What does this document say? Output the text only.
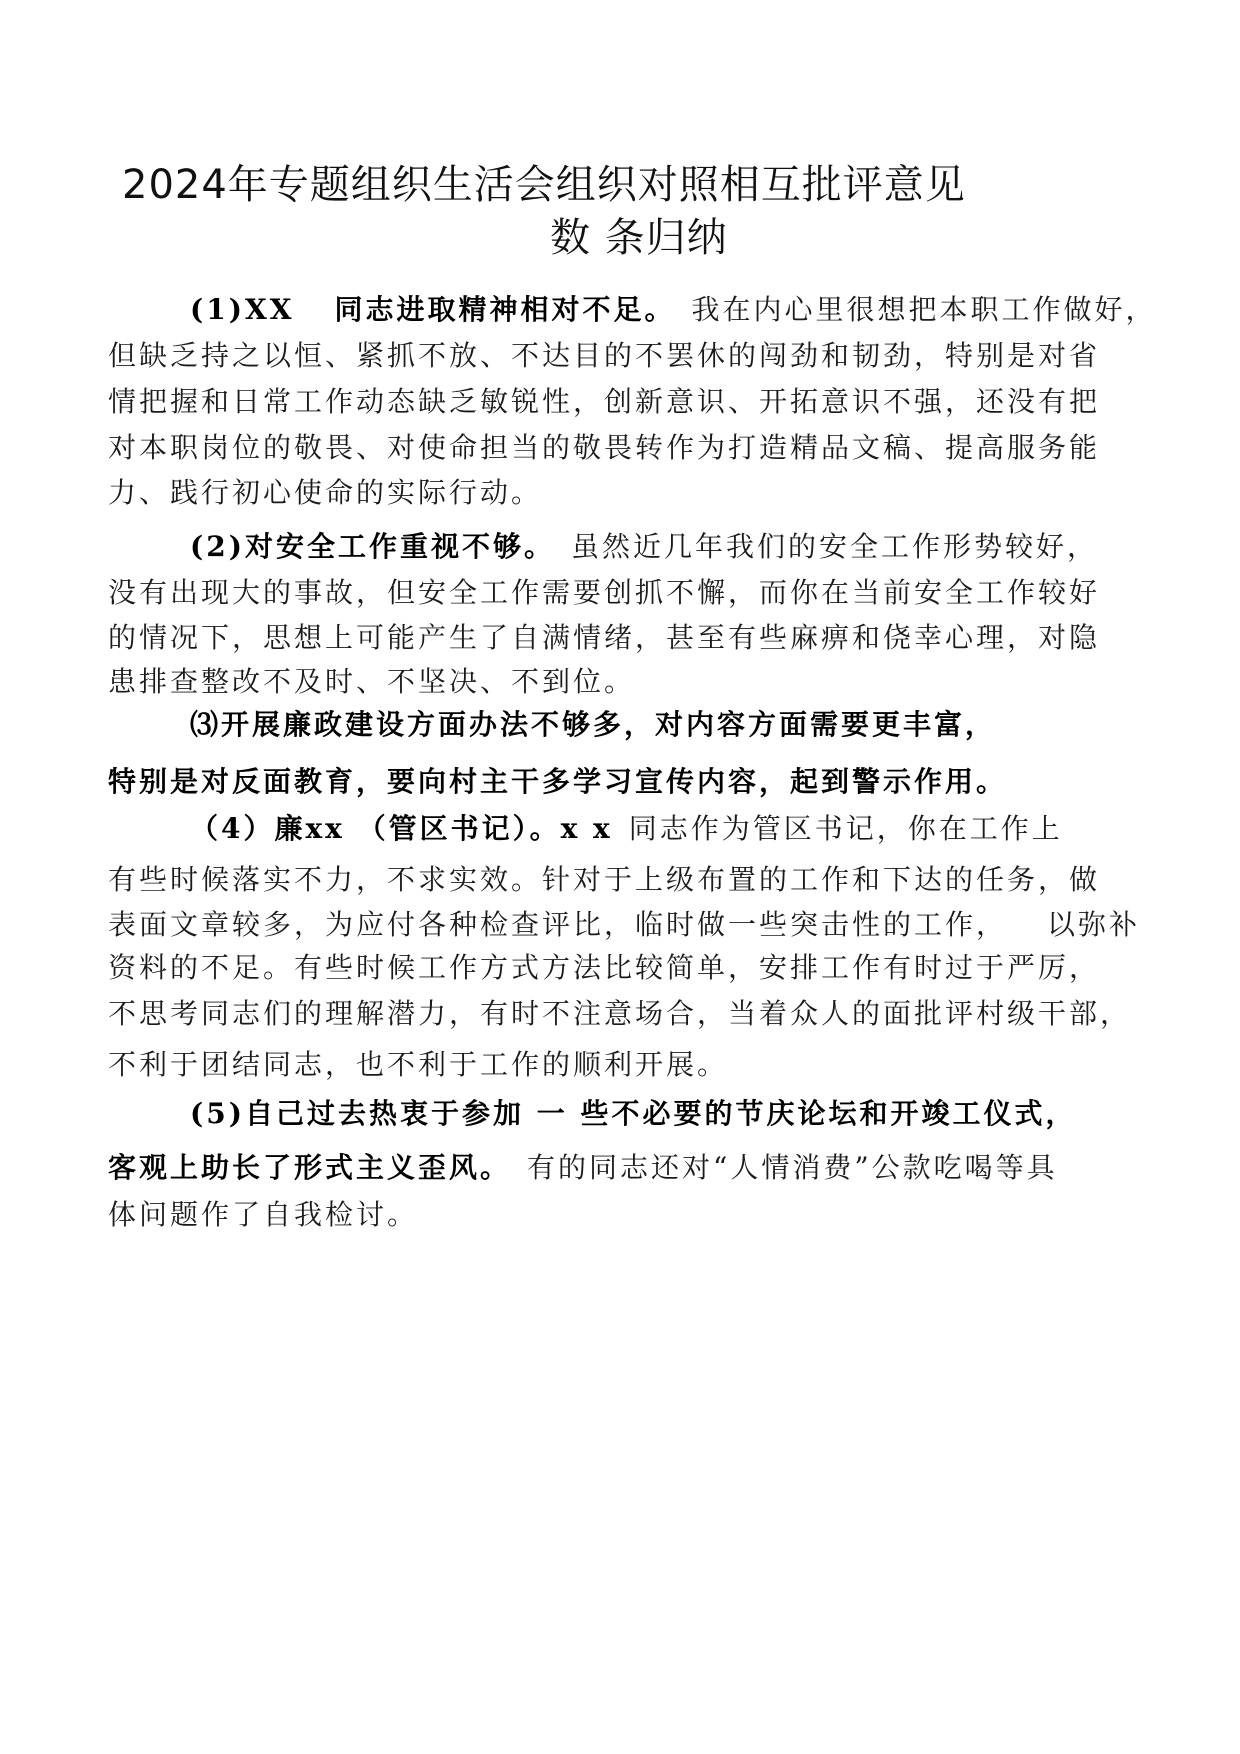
2024年专题组织生活会组织对照相互批评意见
数 条归纳
(1)XX 同志进取精神相对不足。 我在内心里很想把本职工作做好，
但缺乏持之以恒、紧抓不放、不达目的不罢休的闯劲和韧劲，特别是对省
情把握和日常工作动态缺乏敏锐性，创新意识、开拓意识不强，还没有把
对本职岗位的敬畏、对使命担当的敬畏转作为打造精品文稿、提高服务能
力、践行初心使命的实际行动。
(2)对安全工作重视不够。 虽然近几年我们的安全工作形势较好，
没有出现大的事故，但安全工作需要创抓不懈，而你在当前安全工作较好
的情况下，思想上可能产生了自满情绪，甚至有些麻痹和侥幸心理，对隐
患排查整改不及时、不坚决、不到位。
⑶开展廉政建设方面办法不够多，对内容方面需要更丰富，
特别是对反面教育，要向村主干多学习宣传内容，起到警示作用。
（4）廉xx （管区书记）。x x 同志作为管区书记，你在工作上
有些时候落实不力，不求实效。针对于上级布置的工作和下达的任务，做
表面文章较多，为应付各种检查评比，临时做一些突击性的工作， 以弥补
资料的不足。有些时候工作方式方法比较简单，安排工作有时过于严厉，
不思考同志们的理解潜力，有时不注意场合，当着众人的面批评村级干部，
不利于团结同志，也不利于工作的顺利开展。
(5)自己过去热衷于参加 一 些不必要的节庆论坛和开竣工仪式，
客观上助长了形式主义歪风。 有的同志还对“人情消费”公款吃喝等具
体问题作了自我检讨。
